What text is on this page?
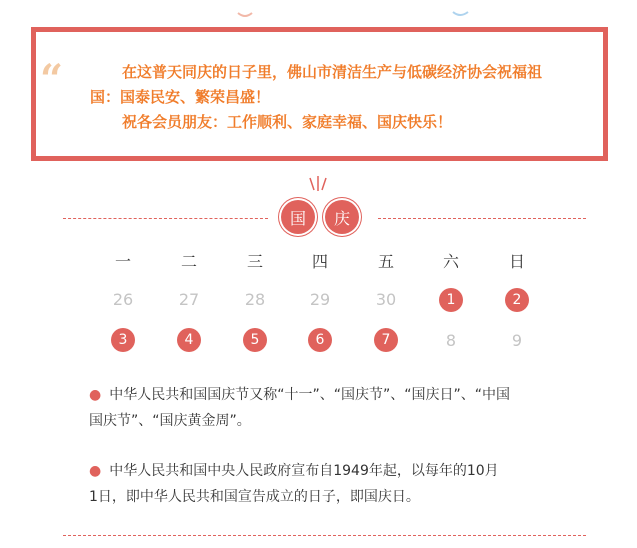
“	在这普天同庆的日子里，佛山市清洁生产与低碳经济协会祝福祖

国：国泰民安、繁荣昌盛！

祝各会员朋友：工作顺利、家庭幸福、国庆快乐！

国	庆
一	二	三	四	五	六	日
26	27	28	29	30	1	2
3	4	5	6	7	8	9
● 中华人民共和国国庆节又称“十一”、“国庆节”、“国庆日”、“中国
国庆节”、“国庆黄金周”。
● 中华人民共和国中央人民政府宣布自1949年起，以每年的10月
1日，即中华人民共和国宣告成立的日子，即国庆日。
